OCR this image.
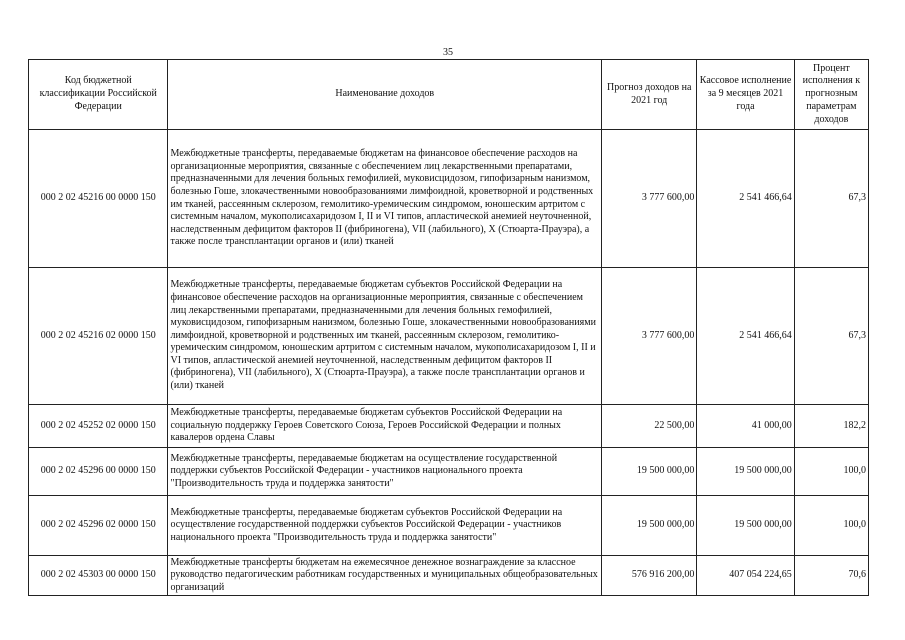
35
Код бюджетной классификации Российской Федерации	Наименование доходов	Прогноз доходов на 2021 год	Кассовое исполнение за 9 месяцев 2021 года	Процент исполнения к прогнозным параметрам доходов
000 2 02 45216 00 0000 150	Межбюджетные трансферты, передаваемые бюджетам на финансовое обеспечение расходов на организационные мероприятия, связанные с обеспечением лиц лекарственными препаратами, предназначенными для лечения больных гемофилией, муковисцидозом, гипофизарным нанизмом, болезнью Гоше, злокачественными новообразованиями лимфоидной, кроветворной и родственных им тканей, рассеянным склерозом, гемолитико-уремическим синдромом, юношеским артритом с системным началом, мукополисахаридозом I, II и VI типов, апластической анемией неуточненной, наследственным дефицитом факторов II (фибриногена), VII (лабильного), X (Стюарта-Прауэра), а также после трансплантации органов и (или) тканей	3 777 600,00	2 541 466,64	67,3
000 2 02 45216 02 0000 150	Межбюджетные трансферты, передаваемые бюджетам субъектов Российской Федерации на финансовое обеспечение расходов на организационные мероприятия, связанные с обеспечением лиц лекарственными препаратами, предназначенными для лечения больных гемофилией, муковисцидозом, гипофизарным нанизмом, болезнью Гоше, злокачественными новообразованиями лимфоидной, кроветворной и родственных им тканей, рассеянным склерозом, гемолитико-уремическим синдромом, юношеским артритом с системным началом, мукополисахаридозом I, II и VI типов, апластической анемией неуточненной, наследственным дефицитом факторов II (фибриногена), VII (лабильного), X (Стюарта-Прауэра), а также после трансплантации органов и (или) тканей	3 777 600,00	2 541 466,64	67,3
000 2 02 45252 02 0000 150	Межбюджетные трансферты, передаваемые бюджетам субъектов Российской Федерации на социальную поддержку Героев Советского Союза, Героев Российской Федерации и полных кавалеров ордена Славы	22 500,00	41 000,00	182,2
000 2 02 45296 00 0000 150	Межбюджетные трансферты, передаваемые бюджетам на осуществление государственной поддержки субъектов Российской Федерации - участников национального проекта "Производительность труда и поддержка занятости"	19 500 000,00	19 500 000,00	100,0
000 2 02 45296 02 0000 150	Межбюджетные трансферты, передаваемые бюджетам субъектов Российской Федерации на осуществление государственной поддержки субъектов Российской Федерации - участников национального проекта "Производительность труда и поддержка занятости"	19 500 000,00	19 500 000,00	100,0
000 2 02 45303 00 0000 150	Межбюджетные трансферты бюджетам на ежемесячное денежное вознаграждение за классное руководство педагогическим работникам государственных и муниципальных общеобразовательных организаций	576 916 200,00	407 054 224,65	70,6
